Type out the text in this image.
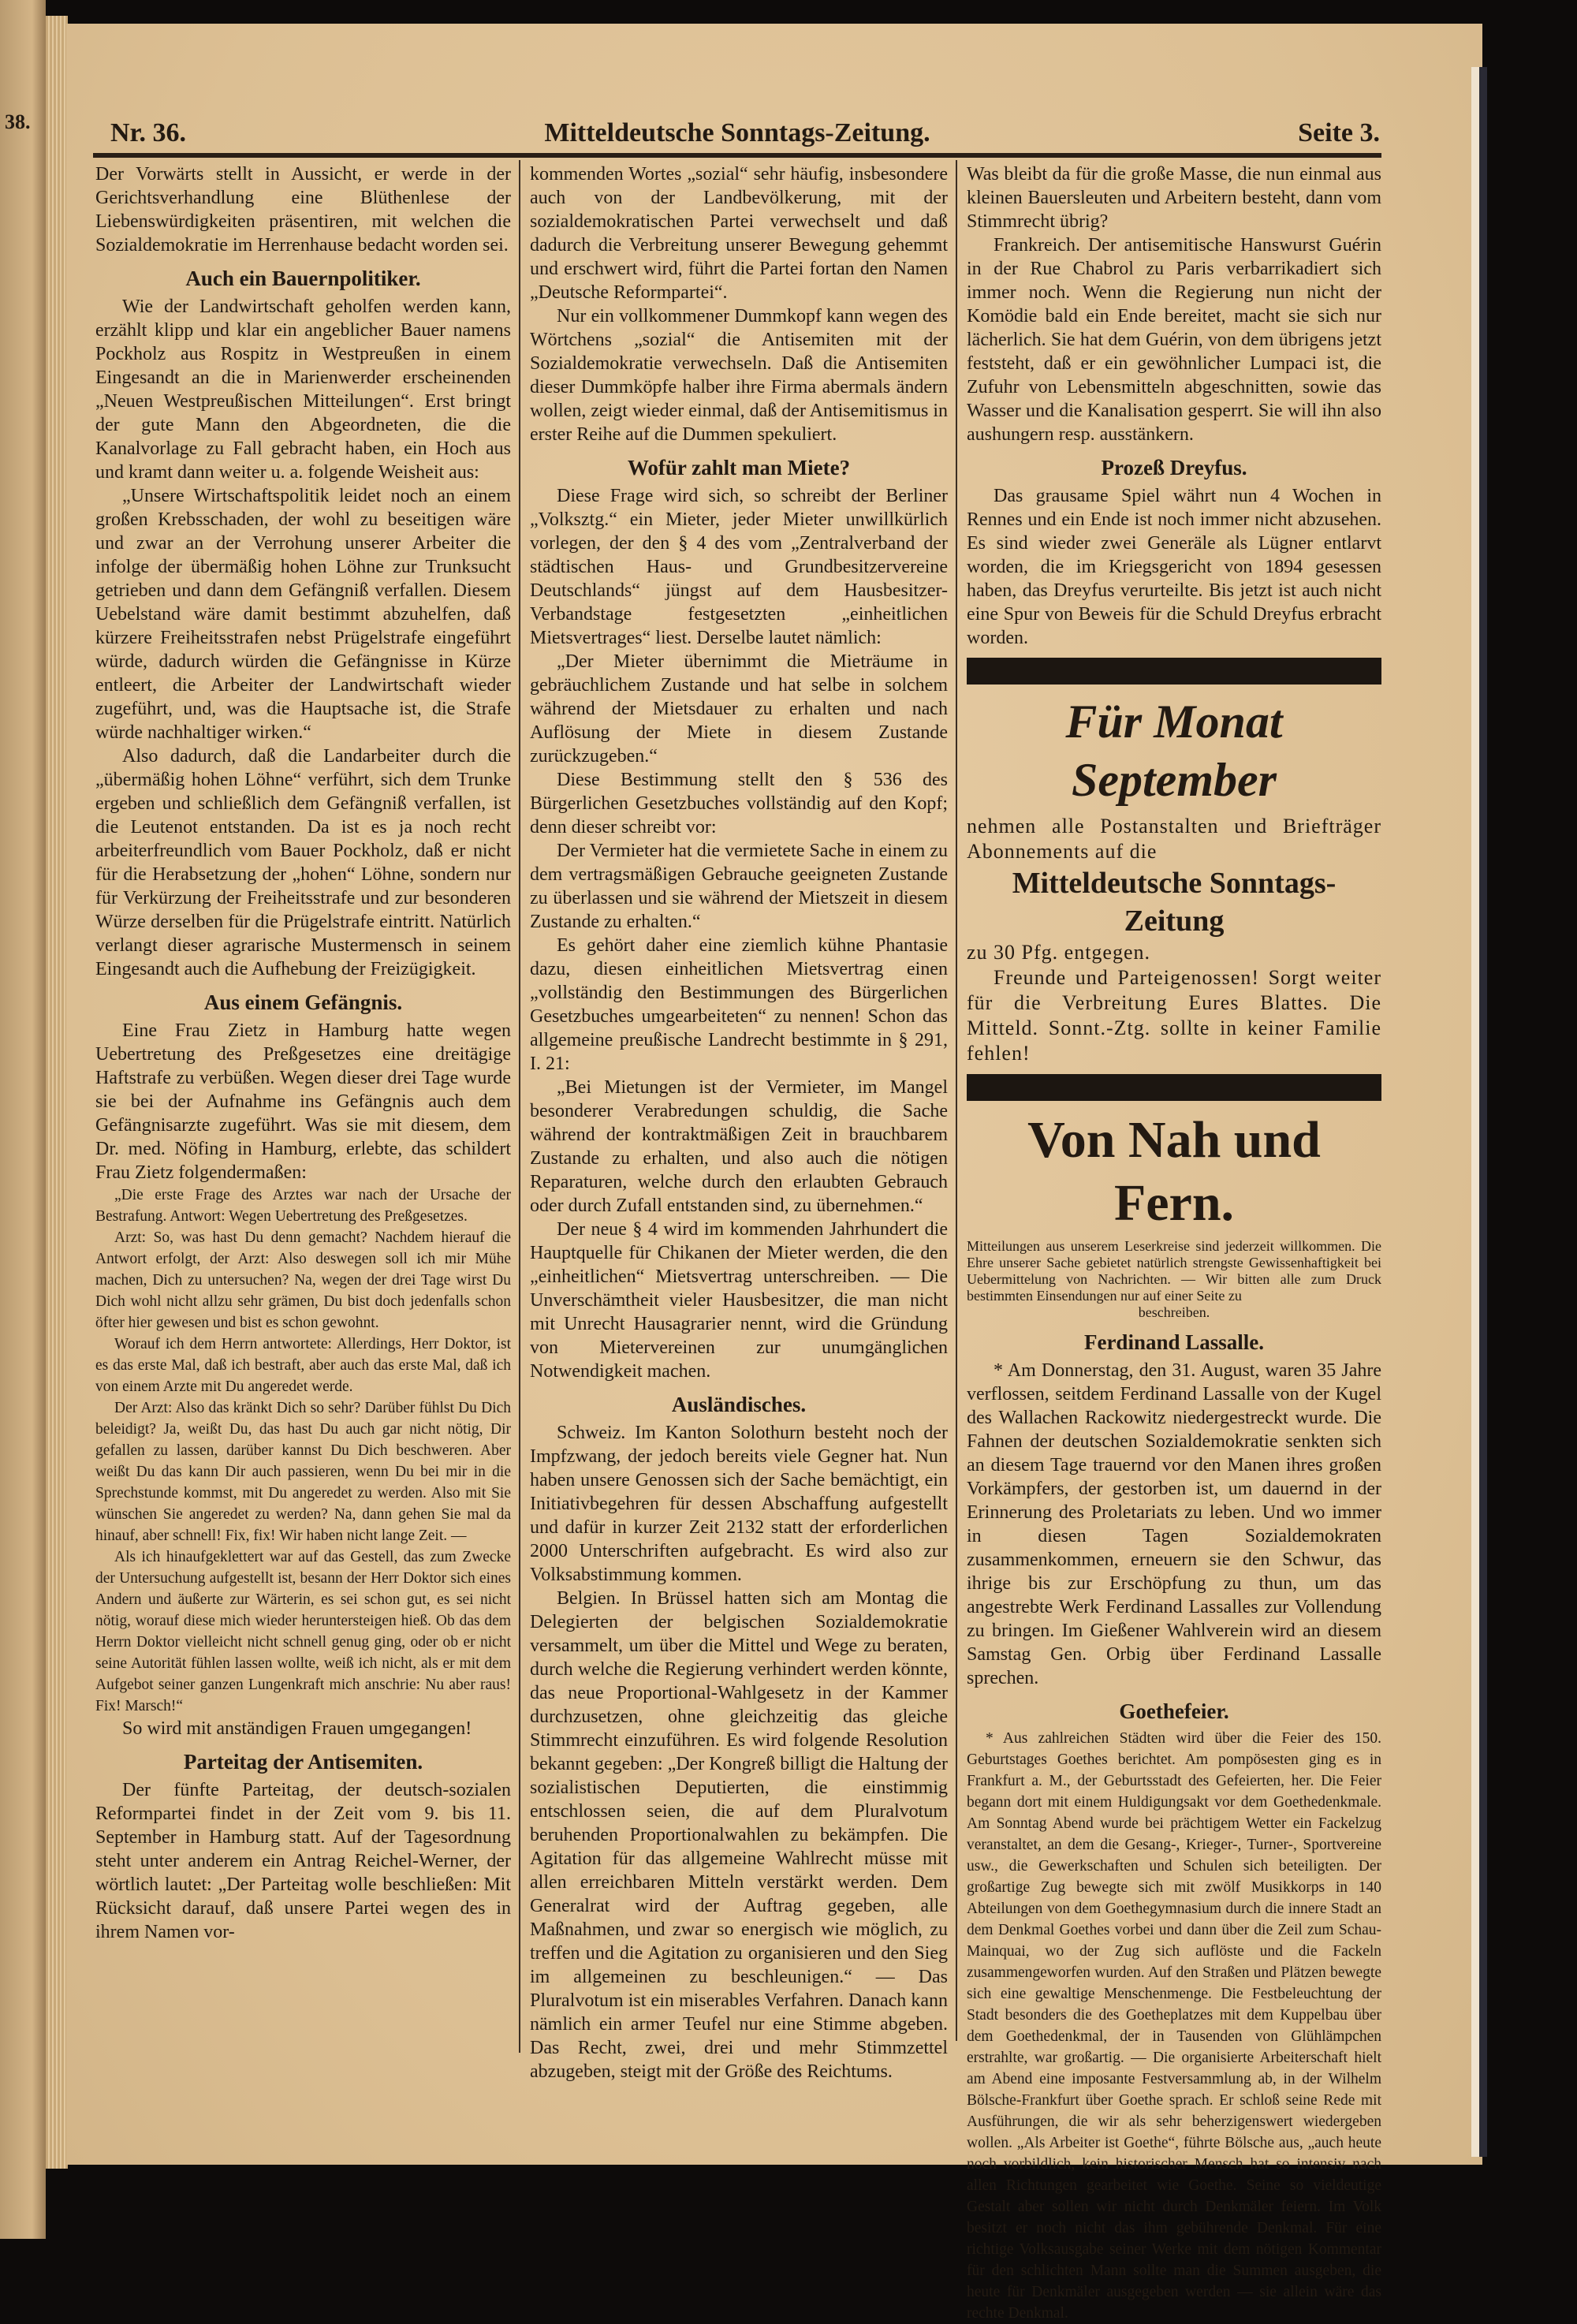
38.	Nr. 36.	Mitteldeutsche Sonntags-Zeitung.	Seite 3.

Der Vorwärts stellt in Aussicht, er werde in der Gerichtsverhandlung eine Blüthenlese der Liebenswürdigkeiten präsentiren, mit welchen die Sozialdemokratie im Herrenhause bedacht worden sei.

Auch ein Bauernpolitiker.

Wie der Landwirtschaft geholfen werden kann, erzählt klipp und klar ein angeblicher Bauer namens Pockholz aus Rospitz in Westpreußen in einem Eingesandt an die in Marienwerder erscheinenden „Neuen Westpreußischen Mitteilungen“. Erst bringt der gute Mann den Abgeordneten, die die Kanalvorlage zu Fall gebracht haben, ein Hoch aus und kramt dann weiter u. a. folgende Weisheit aus:

„Unsere Wirtschaftspolitik leidet noch an einem großen Krebsschaden, der wohl zu beseitigen wäre und zwar an der Verrohung unserer Arbeiter die infolge der übermäßig hohen Löhne zur Trunksucht getrieben und dann dem Gefängniß verfallen. Diesem Uebelstand wäre damit bestimmt abzuhelfen, daß kürzere Freiheitsstrafen nebst Prügelstrafe eingeführt würde, dadurch würden die Gefängnisse in Kürze entleert, die Arbeiter der Landwirtschaft wieder zugeführt, und, was die Hauptsache ist, die Strafe würde nachhaltiger wirken.“

Also dadurch, daß die Landarbeiter durch die „übermäßig hohen Löhne“ verführt, sich dem Trunke ergeben und schließlich dem Gefängniß verfallen, ist die Leutenot entstanden. Da ist es ja noch recht arbeiterfreundlich vom Bauer Pockholz, daß er nicht für die Herabsetzung der „hohen“ Löhne, sondern nur für Verkürzung der Freiheitsstrafe und zur besonderen Würze derselben für die Prügelstrafe eintritt. Natürlich verlangt dieser agrarische Mustermensch in seinem Eingesandt auch die Aufhebung der Freizügigkeit.

Aus einem Gefängnis.

Eine Frau Zietz in Hamburg hatte wegen Uebertretung des Preßgesetzes eine dreitägige Haftstrafe zu verbüßen. Wegen dieser drei Tage wurde sie bei der Aufnahme ins Gefängnis auch dem Gefängnisarzte zugeführt. Was sie mit diesem, dem Dr. med. Nöfing in Hamburg, erlebte, das schildert Frau Zietz folgendermaßen:

„Die erste Frage des Arztes war nach der Ursache der Bestrafung. Antwort: Wegen Uebertretung des Preßgesetzes.

Arzt: So, was hast Du denn gemacht? Nachdem hierauf die Antwort erfolgt, der Arzt: Also deswegen soll ich mir Mühe machen, Dich zu untersuchen? Na, wegen der drei Tage wirst Du Dich wohl nicht allzu sehr grämen, Du bist doch jedenfalls schon öfter hier gewesen und bist es schon gewohnt.

Worauf ich dem Herrn antwortete: Allerdings, Herr Doktor, ist es das erste Mal, daß ich bestraft, aber auch das erste Mal, daß ich von einem Arzte mit Du angeredet werde.

Der Arzt: Also das kränkt Dich so sehr? Darüber fühlst Du Dich beleidigt? Ja, weißt Du, das hast Du auch gar nicht nötig, Dir gefallen zu lassen, darüber kannst Du Dich beschweren. Aber weißt Du das kann Dir auch passieren, wenn Du bei mir in die Sprechstunde kommst, mit Du angeredet zu werden. Also mit Sie wünschen Sie angeredet zu werden? Na, dann gehen Sie mal da hinauf, aber schnell! Fix, fix! Wir haben nicht lange Zeit. —

Als ich hinaufgeklettert war auf das Gestell, das zum Zwecke der Untersuchung aufgestellt ist, besann der Herr Doktor sich eines Andern und äußerte zur Wärterin, es sei schon gut, es sei nicht nötig, worauf diese mich wieder heruntersteigen hieß. Ob das dem Herrn Doktor vielleicht nicht schnell genug ging, oder ob er nicht seine Autorität fühlen lassen wollte, weiß ich nicht, als er mit dem Aufgebot seiner ganzen Lungenkraft mich anschrie: Nu aber raus! Fix! Marsch!“

So wird mit anständigen Frauen umgegangen!

Parteitag der Antisemiten.

Der fünfte Parteitag, der deutsch-sozialen Reformpartei findet in der Zeit vom 9. bis 11. September in Hamburg statt. Auf der Tagesordnung steht unter anderem ein Antrag Reichel-Werner, der wörtlich lautet: „Der Parteitag wolle beschließen: Mit Rücksicht darauf, daß unsere Partei wegen des in ihrem Namen vor-

kommenden Wortes „sozial“ sehr häufig, insbesondere auch von der Landbevölkerung, mit der sozialdemokratischen Partei verwechselt und daß dadurch die Verbreitung unserer Bewegung gehemmt und erschwert wird, führt die Partei fortan den Namen „Deutsche Reformpartei“.

Nur ein vollkommener Dummkopf kann wegen des Wörtchens „sozial“ die Antisemiten mit der Sozialdemokratie verwechseln. Daß die Antisemiten dieser Dummköpfe halber ihre Firma abermals ändern wollen, zeigt wieder einmal, daß der Antisemitismus in erster Reihe auf die Dummen spekuliert.

Wofür zahlt man Miete?

Diese Frage wird sich, so schreibt der Berliner „Volksztg.“ ein Mieter, jeder Mieter unwillkürlich vorlegen, der den § 4 des vom „Zentralverband der städtischen Haus- und Grundbesitzervereine Deutschlands“ jüngst auf dem Hausbesitzer-Verbandstage festgesetzten „einheitlichen Mietsvertrages“ liest. Derselbe lautet nämlich:

„Der Mieter übernimmt die Mieträume in gebräuchlichem Zustande und hat selbe in solchem während der Mietsdauer zu erhalten und nach Auflösung der Miete in diesem Zustande zurückzugeben.“

Diese Bestimmung stellt den § 536 des Bürgerlichen Gesetzbuches vollständig auf den Kopf; denn dieser schreibt vor:

Der Vermieter hat die vermietete Sache in einem zu dem vertragsmäßigen Gebrauche geeigneten Zustande zu überlassen und sie während der Mietszeit in diesem Zustande zu erhalten.“

Es gehört daher eine ziemlich kühne Phantasie dazu, diesen einheitlichen Mietsvertrag einen „vollständig den Bestimmungen des Bürgerlichen Gesetzbuches umgearbeiteten“ zu nennen! Schon das allgemeine preußische Landrecht bestimmte in § 291, I. 21:

„Bei Mietungen ist der Vermieter, im Mangel besonderer Verabredungen schuldig, die Sache während der kontraktmäßigen Zeit in brauchbarem Zustande zu erhalten, und also auch die nötigen Reparaturen, welche durch den erlaubten Gebrauch oder durch Zufall entstanden sind, zu übernehmen.“

Der neue § 4 wird im kommenden Jahrhundert die Hauptquelle für Chikanen der Mieter werden, die den „einheitlichen“ Mietsvertrag unterschreiben. — Die Unverschämtheit vieler Hausbesitzer, die man nicht mit Unrecht Hausagrarier nennt, wird die Gründung von Mietervereinen zur unumgänglichen Notwendigkeit machen.

Ausländisches.

Schweiz. Im Kanton Solothurn besteht noch der Impfzwang, der jedoch bereits viele Gegner hat. Nun haben unsere Genossen sich der Sache bemächtigt, ein Initiativbegehren für dessen Abschaffung aufgestellt und dafür in kurzer Zeit 2132 statt der erforderlichen 2000 Unterschriften aufgebracht. Es wird also zur Volksabstimmung kommen.

Belgien. In Brüssel hatten sich am Montag die Delegierten der belgischen Sozialdemokratie versammelt, um über die Mittel und Wege zu beraten, durch welche die Regierung verhindert werden könnte, das neue Proportional-Wahlgesetz in der Kammer durchzusetzen, ohne gleichzeitig das gleiche Stimmrecht einzuführen. Es wird folgende Resolution bekannt gegeben: „Der Kongreß billigt die Haltung der sozialistischen Deputierten, die einstimmig entschlossen seien, die auf dem Pluralvotum beruhenden Proportionalwahlen zu bekämpfen. Die Agitation für das allgemeine Wahlrecht müsse mit allen erreichbaren Mitteln verstärkt werden. Dem Generalrat wird der Auftrag gegeben, alle Maßnahmen, und zwar so energisch wie möglich, zu treffen und die Agitation zu organisieren und den Sieg im allgemeinen zu beschleunigen.“ — Das Pluralvotum ist ein miserables Verfahren. Danach kann nämlich ein armer Teufel nur eine Stimme abgeben. Das Recht, zwei, drei und mehr Stimmzettel abzugeben, steigt mit der Größe des Reichtums.

Was bleibt da für die große Masse, die nun einmal aus kleinen Bauersleuten und Arbeitern besteht, dann vom Stimmrecht übrig?

Frankreich. Der antisemitische Hanswurst Guérin in der Rue Chabrol zu Paris verbarrikadiert sich immer noch. Wenn die Regierung nun nicht der Komödie bald ein Ende bereitet, macht sie sich nur lächerlich. Sie hat dem Guérin, von dem übrigens jetzt feststeht, daß er ein gewöhnlicher Lumpaci ist, die Zufuhr von Lebensmitteln abgeschnitten, sowie das Wasser und die Kanalisation gesperrt. Sie will ihn also aushungern resp. ausstänkern.

Prozeß Dreyfus.

Das grausame Spiel währt nun 4 Wochen in Rennes und ein Ende ist noch immer nicht abzusehen. Es sind wieder zwei Generäle als Lügner entlarvt worden, die im Kriegsgericht von 1894 gesessen haben, das Dreyfus verurteilte. Bis jetzt ist auch nicht eine Spur von Beweis für die Schuld Dreyfus erbracht worden.

Für Monat September

nehmen alle Postanstalten und Briefträger Abonnements auf die

Mitteldeutsche Sonntags-Zeitung

zu 30 Pfg. entgegen.

Freunde und Parteigenossen! Sorgt weiter für die Verbreitung Eures Blattes. Die Mitteld. Sonnt.-Ztg. sollte in keiner Familie fehlen!

Von Nah und Fern.
Mitteilungen aus unserem Leserkreise sind jederzeit willkommen. Die Ehre unserer Sache gebietet natürlich strengste Gewissenhaftigkeit bei Uebermittelung von Nachrichten. — Wir bitten alle zum Druck bestimmten Einsendungen nur auf einer Seite zu
beschreiben.
Ferdinand Lassalle.

* Am Donnerstag, den 31. August, waren 35 Jahre verflossen, seitdem Ferdinand Lassalle von der Kugel des Wallachen Rackowitz niedergestreckt wurde. Die Fahnen der deutschen Sozialdemokratie senkten sich an diesem Tage trauernd vor den Manen ihres großen Vorkämpfers, der gestorben ist, um dauernd in der Erinnerung des Proletariats zu leben. Und wo immer in diesen Tagen Sozialdemokraten zusammenkommen, erneuern sie den Schwur, das ihrige bis zur Erschöpfung zu thun, um das angestrebte Werk Ferdinand Lassalles zur Vollendung zu bringen. Im Gießener Wahlverein wird an diesem Samstag Gen. Orbig über Ferdinand Lassalle sprechen.

Goethefeier.

* Aus zahlreichen Städten wird über die Feier des 150. Geburtstages Goethes berichtet. Am pompösesten ging es in Frankfurt a. M., der Geburtsstadt des Gefeierten, her. Die Feier begann dort mit einem Huldigungsakt vor dem Goethedenkmale. Am Sonntag Abend wurde bei prächtigem Wetter ein Fackelzug veranstaltet, an dem die Gesang-, Krieger-, Turner-, Sportvereine usw., die Gewerkschaften und Schulen sich beteiligten. Der großartige Zug bewegte sich mit zwölf Musikkorps in 140 Abteilungen von dem Goethegymnasium durch die innere Stadt an dem Denkmal Goethes vorbei und dann über die Zeil zum Schau-Mainquai, wo der Zug sich auflöste und die Fackeln zusammengeworfen wurden. Auf den Straßen und Plätzen bewegte sich eine gewaltige Menschenmenge. Die Festbeleuchtung der Stadt besonders die des Goetheplatzes mit dem Kuppelbau über dem Goethedenkmal, der in Tausenden von Glühlämpchen erstrahlte, war großartig. — Die organisierte Arbeiterschaft hielt am Abend eine imposante Festversammlung ab, in der Wilhelm Bölsche-Frankfurt über Goethe sprach. Er schloß seine Rede mit Ausführungen, die wir als sehr beherzigenswert wiedergeben wollen. „Als Arbeiter ist Goethe“, führte Bölsche aus, „auch heute noch vorbildlich, kein historischer Mensch hat so intensiv nach allen Richtungen gearbeitet wie Goethe. Seine so vieldeutige Gestalt aber sollen wir nicht durch Denkmäler feiern. Im Volk besitzt er noch nicht das ihm gebührende Denkmal. Für eine richtige Volksausgabe seiner Werke mit dem nötigen Kommentar für den schlichten Mann sollte man die Summen ausgeben, die heute für Denkmäler ausgegeben werden — sie allein wäre das rechte Denkmal.
